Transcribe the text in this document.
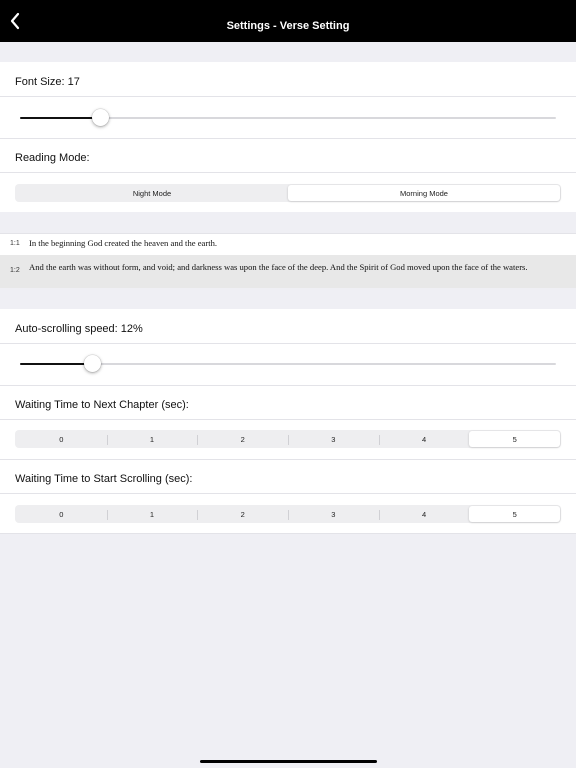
Settings - Verse Setting
Font Size: 17
Reading Mode:
Night Mode	Morning Mode
1:1 In the beginning God created the heaven and the earth.
1:2 And the earth was without form, and void; and darkness was upon the face of the deep. And the Spirit of God moved upon the face of the waters.
Auto-scrolling speed: 12%
Waiting Time to Next Chapter (sec):
0	1	2	3	4	5
Waiting Time to Start Scrolling (sec):
0	1	2	3	4	5
